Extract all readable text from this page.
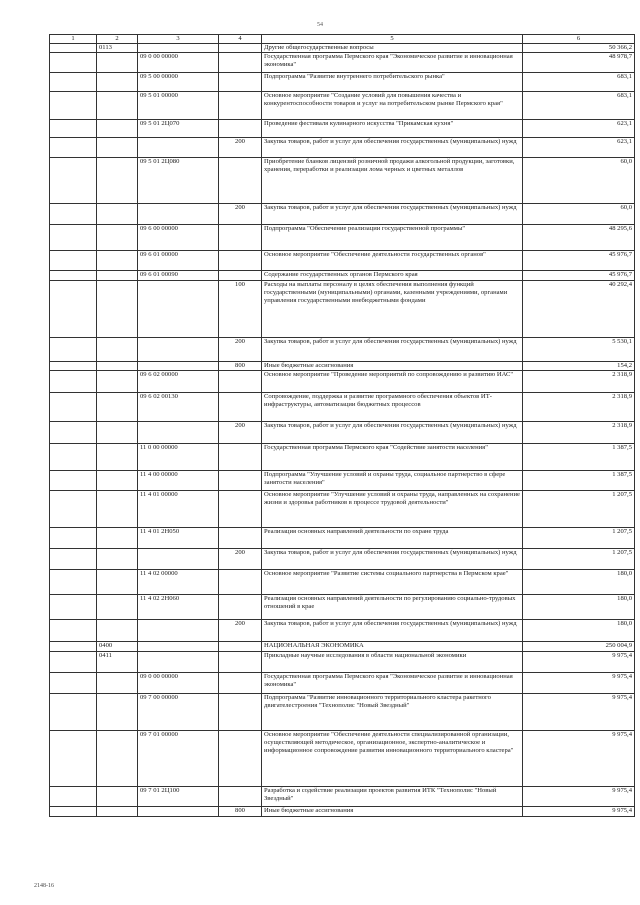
54
1	2	3	4	5	6
	0113			Другие общегосударственные вопросы	50 366,2
		09 0 00 00000		Государственная программа Пермского края "Экономическое развитие и инновационная экономика"	48 978,7
		09 5 00 00000		Подпрограмма "Развитие внутреннего потребительского рынка"	683,1
		09 5 01 00000		Основное мероприятие "Создание условий для повышения качества и конкурентоспособности товаров и услуг на потребительском рынке Пермского края"	683,1
		09 5 01 2Ц070		Проведение фестиваля кулинарного искусства "Прикамская кухня"	623,1
			200	Закупка товаров, работ и услуг для обеспечения государственных (муниципальных) нужд	623,1
		09 5 01 2Ц080		Приобретение бланков лицензий розничной продажи алкогольной продукции, заготовки, хранения, переработки и реализации лома черных и цветных металлов	60,0
			200	Закупка товаров, работ и услуг для обеспечения государственных (муниципальных) нужд	60,0
		09 6 00 00000		Подпрограмма "Обеспечение реализации государственной программы"	48 295,6
		09 6 01 00000		Основное мероприятие "Обеспечение деятельности государственных органов"	45 976,7
		09 6 01 00090		Содержание государственных органов Пермского края	45 976,7
			100	Расходы на выплаты персоналу в целях обеспечения выполнения функций государственными (муниципальными) органами, казенными учреждениями, органами управления государственными внебюджетными фондами	40 292,4
			200	Закупка товаров, работ и услуг для обеспечения государственных (муниципальных) нужд	5 530,1
			800	Иные бюджетные ассигнования	154,2
		09 6 02 00000		Основное мероприятие "Проведение мероприятий по сопровождению и развитию ИАС"	2 318,9
		09 6 02 00130		Сопровождение, поддержка и развитие программного обеспечения объектов ИТ-инфраструктуры, автоматизации бюджетных процессов	2 318,9
			200	Закупка товаров, работ и услуг для обеспечения государственных (муниципальных) нужд	2 318,9
		11 0 00 00000		Государственная программа Пермского края "Содействие занятости населения"	1 387,5
		11 4 00 00000		Подпрограмма "Улучшение условий и охраны труда, социальное партнерство в сфере занятости населения"	1 387,5
		11 4 01 00000		Основное мероприятие "Улучшение условий и охраны труда, направленных на сохранение жизни и здоровья работников в процессе трудовой деятельности"	1 207,5
		11 4 01 2Н050		Реализация основных направлений деятельности по охране труда	1 207,5
			200	Закупка товаров, работ и услуг для обеспечения государственных (муниципальных) нужд	1 207,5
		11 4 02 00000		Основное мероприятие "Развитие системы социального партнерства в Пермском крае"	180,0
		11 4 02 2Н060		Реализация основных направлений деятельности по регулированию социально-трудовых отношений в крае	180,0
			200	Закупка товаров, работ и услуг для обеспечения государственных (муниципальных) нужд	180,0
	0400			НАЦИОНАЛЬНАЯ ЭКОНОМИКА	250 004,9
	0411			Прикладные научные исследования в области национальной экономики	9 975,4
		09 0 00 00000		Государственная программа Пермского края "Экономическое развитие и инновационная экономика"	9 975,4
		09 7 00 00000		Подпрограмма "Развитие инновационного территориального кластера ракетного двигателестроения "Технополис "Новый Звездный"	9 975,4
		09 7 01 00000		Основное мероприятие "Обеспечение деятельности специализированной организации, осуществляющей методическое, организационное, экспертно-аналитическое и информационное сопровождение развития инновационного территориального кластера"	9 975,4
		09 7 01 2Ц100		Разработка и содействие реализации проектов развития ИТК "Технополис "Новый Звездный"	9 975,4
			800	Иные бюджетные ассигнования	9 975,4
2148-16
